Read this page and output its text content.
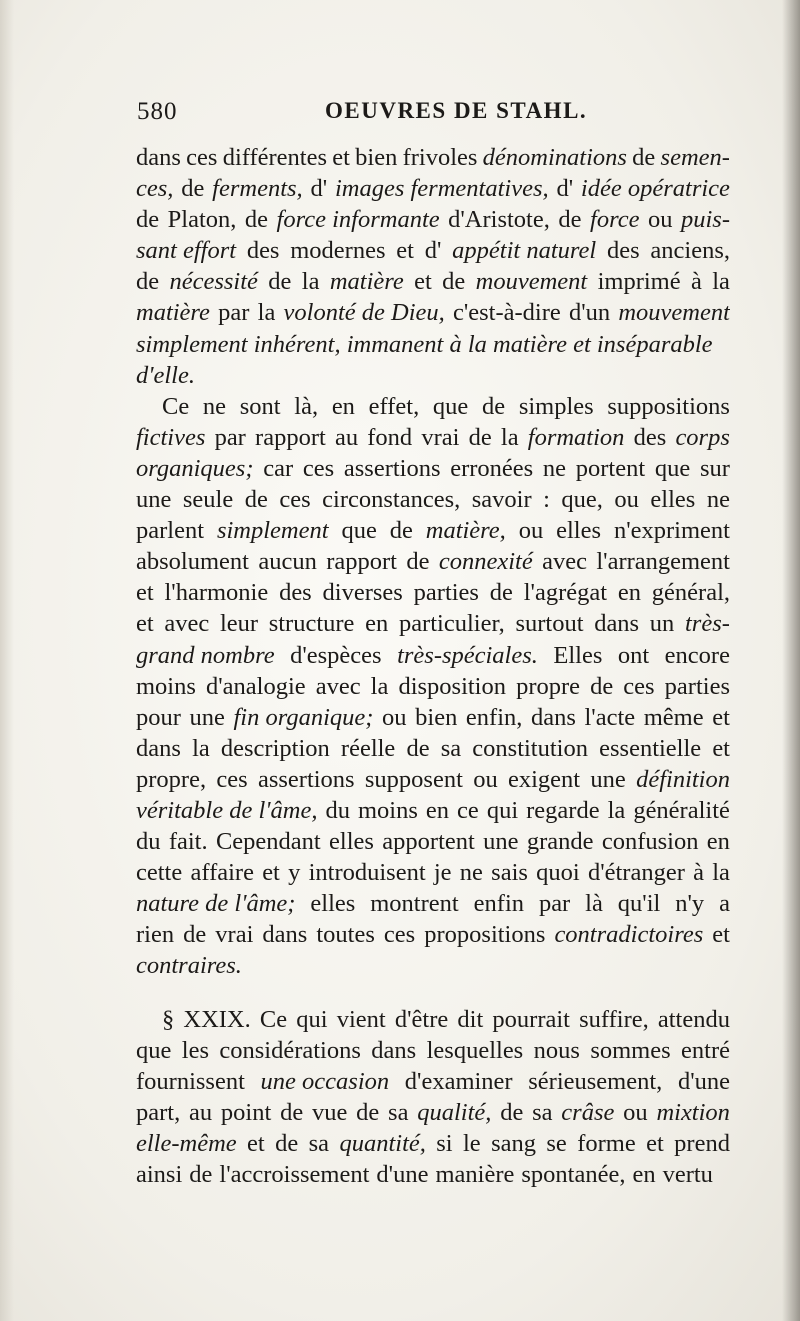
580	OEUVRES DE STAHL.
dans ces différentes et bien frivoles dénominations de semen-
ces, de ferments, d' images fermentatives, d' idée opératrice
de Platon, de force informante d'Aristote, de force ou puis-
sant effort des modernes et d' appétit naturel des anciens,
de nécessité de la matière et de mouvement imprimé à la
matière par la volonté de Dieu, c'est-à-dire d'un mouvement
simplement inhérent, immanent à la matière et inséparable
d'elle.
Ce ne sont là, en effet, que de simples suppositions
fictives par rapport au fond vrai de la formation des corps
organiques; car ces assertions erronées ne portent que sur
une seule de ces circonstances, savoir : que, ou elles ne
parlent simplement que de matière, ou elles n'expriment
absolument aucun rapport de connexité avec l'arrangement
et l'harmonie des diverses parties de l'agrégat en général,
et avec leur structure en particulier, surtout dans un très-
grand nombre d'espèces très-spéciales. Elles ont encore
moins d'analogie avec la disposition propre de ces parties
pour une fin organique; ou bien enfin, dans l'acte même et
dans la description réelle de sa constitution essentielle et
propre, ces assertions supposent ou exigent une définition
véritable de l'âme, du moins en ce qui regarde la généralité
du fait. Cependant elles apportent une grande confusion en
cette affaire et y introduisent je ne sais quoi d'étranger à la
nature de l'âme; elles montrent enfin par là qu'il n'y a
rien de vrai dans toutes ces propositions contradictoires et
contraires.
§ XXIX. Ce qui vient d'être dit pourrait suffire, attendu
que les considérations dans lesquelles nous sommes entré
fournissent une occasion d'examiner sérieusement, d'une
part, au point de vue de sa qualité, de sa crâse ou mixtion
elle-même et de sa quantité, si le sang se forme et prend
ainsi de l'accroissement d'une manière spontanée, en vertu
